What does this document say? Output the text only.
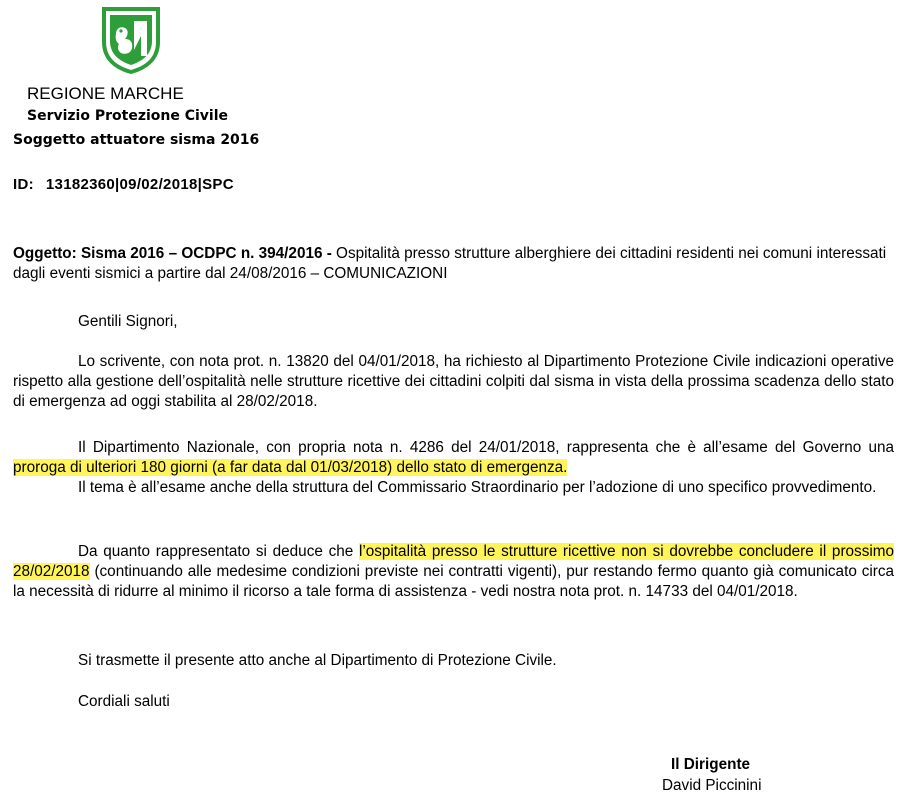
REGIONE MARCHE
Servizio Protezione Civile
Soggetto attuatore sisma 2016
ID: 13182360|09/02/2018|SPC
Oggetto: Sisma 2016 – OCDPC n. 394/2016 - Ospitalità presso strutture alberghiere dei cittadini residenti nei comuni interessati dagli eventi sismici a partire dal 24/08/2016 – COMUNICAZIONI
Gentili Signori,
Lo scrivente, con nota prot. n. 13820 del 04/01/2018, ha richiesto al Dipartimento Protezione Civile indicazioni operative rispetto alla gestione dell’ospitalità nelle strutture ricettive dei cittadini colpiti dal sisma in vista della prossima scadenza dello stato di emergenza ad oggi stabilita al 28/02/2018.
Il Dipartimento Nazionale, con propria nota n. 4286 del 24/01/2018, rappresenta che è all’esame del Governo una proroga di ulteriori 180 giorni (a far data dal 01/03/2018) dello stato di emergenza.
Il tema è all’esame anche della struttura del Commissario Straordinario per l’adozione di uno specifico provvedimento.
Da quanto rappresentato si deduce che l’ospitalità presso le strutture ricettive non si dovrebbe concludere il prossimo 28/02/2018 (continuando alle medesime condizioni previste nei contratti vigenti), pur restando fermo quanto già comunicato circa la necessità di ridurre al minimo il ricorso a tale forma di assistenza - vedi nostra nota prot. n. 14733 del 04/01/2018.
Si trasmette il presente atto anche al Dipartimento di Protezione Civile.
Cordiali saluti
Il Dirigente
David Piccinini
